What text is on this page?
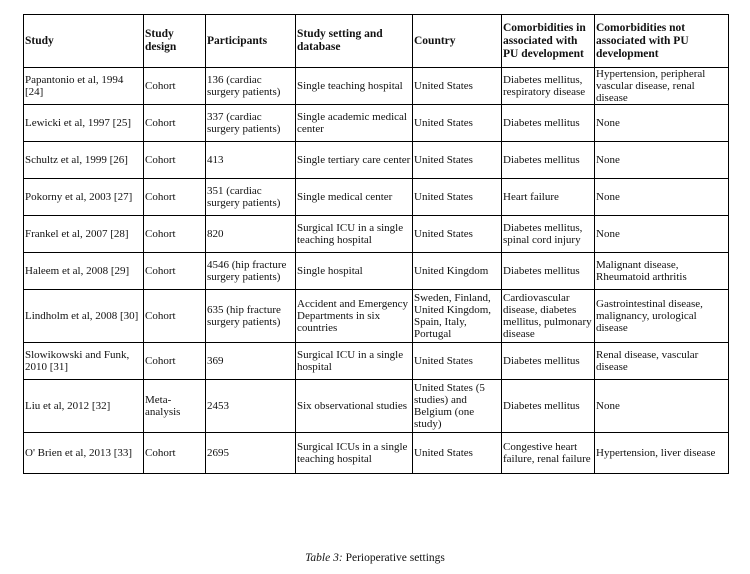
Study	Study design	Participants	Study setting and database	Country	Comorbidities in associated with PU development	Comorbidities not associated with PU development
Papantonio et al, 1994 [24]	Cohort	136 (cardiac surgery patients)	Single teaching hospital	United States	Diabetes mellitus, respiratory disease	Hypertension, peripheral vascular disease, renal disease
Lewicki et al, 1997 [25]	Cohort	337 (cardiac surgery patients)	Single academic medical center	United States	Diabetes mellitus	None
Schultz et al, 1999 [26]	Cohort	413	Single tertiary care center	United States	Diabetes mellitus	None
Pokorny et al, 2003 [27]	Cohort	351 (cardiac surgery patients)	Single medical center	United States	Heart failure	None
Frankel et al, 2007 [28]	Cohort	820	Surgical ICU in a single teaching hospital	United States	Diabetes mellitus, spinal cord injury	None
Haleem et al, 2008 [29]	Cohort	4546 (hip fracture surgery patients)	Single hospital	United Kingdom	Diabetes mellitus	Malignant disease, Rheumatoid arthritis
Lindholm et al, 2008 [30]	Cohort	635 (hip fracture surgery patients)	Accident and Emergency Departments in six countries	Sweden, Finland, United Kingdom, Spain, Italy, Portugal	Cardiovascular disease, diabetes mellitus, pulmonary disease	Gastrointestinal disease, malignancy, urological disease
Slowikowski and Funk, 2010 [31]	Cohort	369	Surgical ICU in a single hospital	United States	Diabetes mellitus	Renal disease, vascular disease
Liu et al, 2012 [32]	Meta-analysis	2453	Six observational studies	United States (5 studies) and Belgium (one study)	Diabetes mellitus	None
O' Brien et al, 2013 [33]	Cohort	2695	Surgical ICUs in a single teaching hospital	United States	Congestive heart failure, renal failure	Hypertension, liver disease
Table 3: Perioperative settings
